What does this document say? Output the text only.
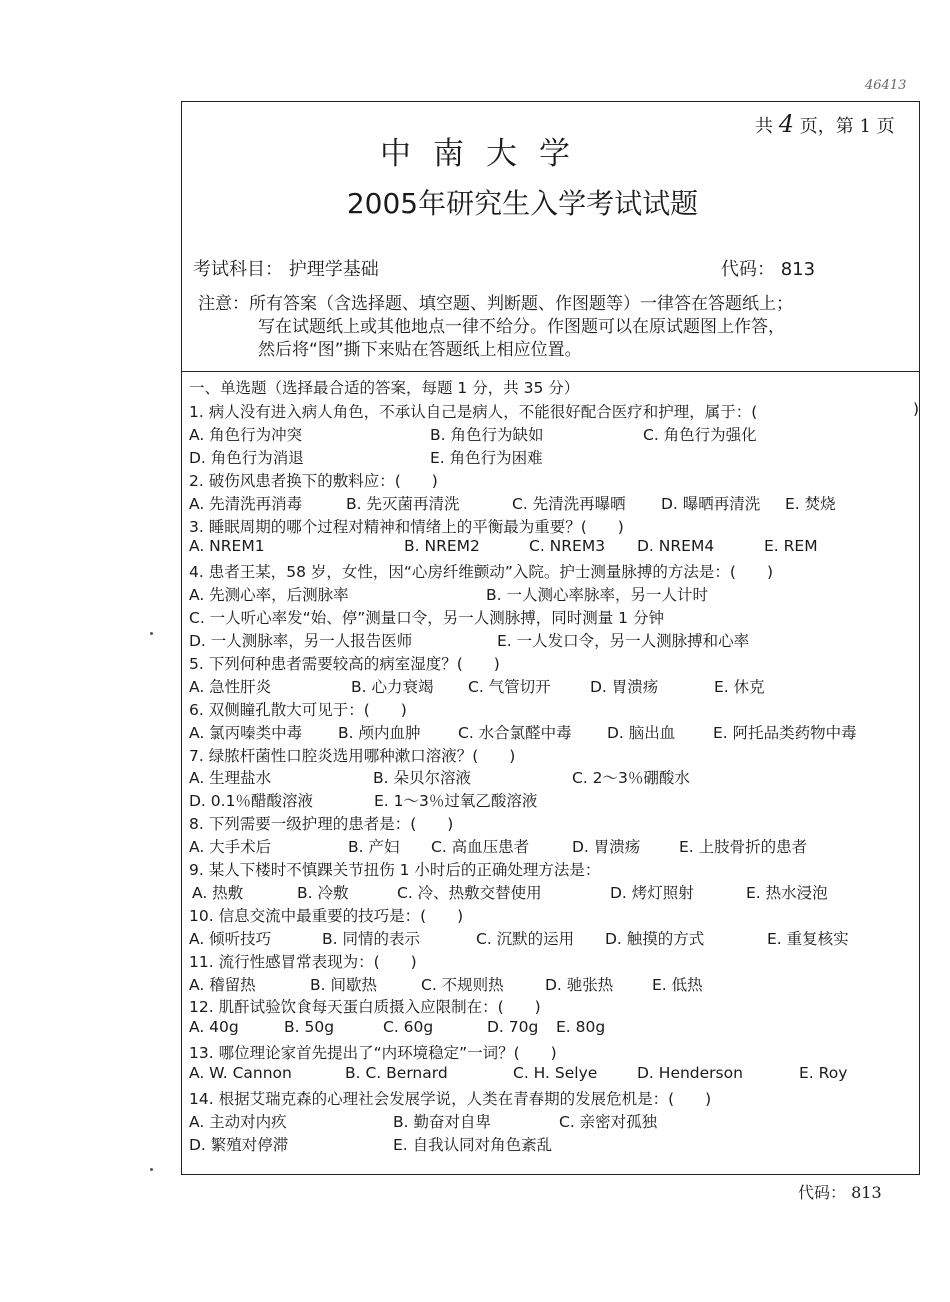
46413
共 4 页，第 1 页
中南大学
2005年研究生入学考试试题
考试科目： 护理学基础	代码： 813
注意：所有答案（含选择题、填空题、判断题、作图题等）一律答在答题纸上；
写在试题纸上或其他地点一律不给分。作图题可以在原试题图上作答，
然后将“图”撕下来贴在答题纸上相应位置。
一、单选题（选择最合适的答案，每题 1 分，共 35 分）
1. 病人没有进入病人角色，不承认自己是病人，不能很好配合医疗和护理，属于：(	)
A. 角色行为冲突	B. 角色行为缺如	C. 角色行为强化
D. 角色行为消退	E. 角色行为困难
2. 破伤风患者换下的敷料应：(　　)
A. 先清洗再消毒	B. 先灭菌再清洗	C. 先清洗再曝晒 D. 曝晒再清洗 E. 焚烧
3. 睡眠周期的哪个过程对精神和情绪上的平衡最为重要？(　　)
A. NREM1	B. NREM2	C. NREM3 D. NREM4	E. REM
4. 患者王某，58 岁，女性，因“心房纤维颤动”入院。护士测量脉搏的方法是：(　　)
A. 先测心率，后测脉率	B. 一人测心率脉率，另一人计时
C. 一人听心率发“始、停”测量口令，另一人测脉搏，同时测量 1 分钟
D. 一人测脉率，另一人报告医师	E. 一人发口令，另一人测脉搏和心率
5. 下列何种患者需要较高的病室湿度？(　　)
A. 急性肝炎	B. 心力衰竭 C. 气管切开	D. 胃溃疡	E. 休克
6. 双侧瞳孔散大可见于：(　　)
A. 氯丙嗪类中毒 B. 颅内血肿 C. 水合氯醛中毒 D. 脑出血 E. 阿托品类药物中毒
7. 绿脓杆菌性口腔炎选用哪种漱口溶液？(　　)
A. 生理盐水	B. 朵贝尔溶液	C. 2～3％硼酸水
D. 0.1％醋酸溶液	E. 1～3％过氧乙酸溶液
8. 下列需要一级护理的患者是：(　　)
A. 大手术后	B. 产妇 C. 高血压患者	D. 胃溃疡 E. 上肢骨折的患者
9. 某人下楼时不慎踝关节扭伤 1 小时后的正确处理方法是：
A. 热敷	B. 冷敷	C. 冷、热敷交替使用	D. 烤灯照射	E. 热水浸泡
10. 信息交流中最重要的技巧是：(　　)
A. 倾听技巧	B. 同情的表示	C. 沉默的运用 D. 触摸的方式	E. 重复核实
11. 流行性感冒常表现为：(　　)
A. 稽留热	B. 间歇热	C. 不规则热	D. 驰张热 E. 低热
12. 肌酐试验饮食每天蛋白质摄入应限制在：(　　)
A. 40g	B. 50g	C. 60g	D. 70g E. 80g
13. 哪位理论家首先提出了“内环境稳定”一词？(　　)
A. W. Cannon	B. C. Bernard	C. H. Selye	D. Henderson	E. Roy
14. 根据艾瑞克森的心理社会发展学说，人类在青春期的发展危机是：(　　)
A. 主动对内疚	B. 勤奋对自卑	C. 亲密对孤独
D. 繁殖对停滞	E. 自我认同对角色紊乱
代码： 813
